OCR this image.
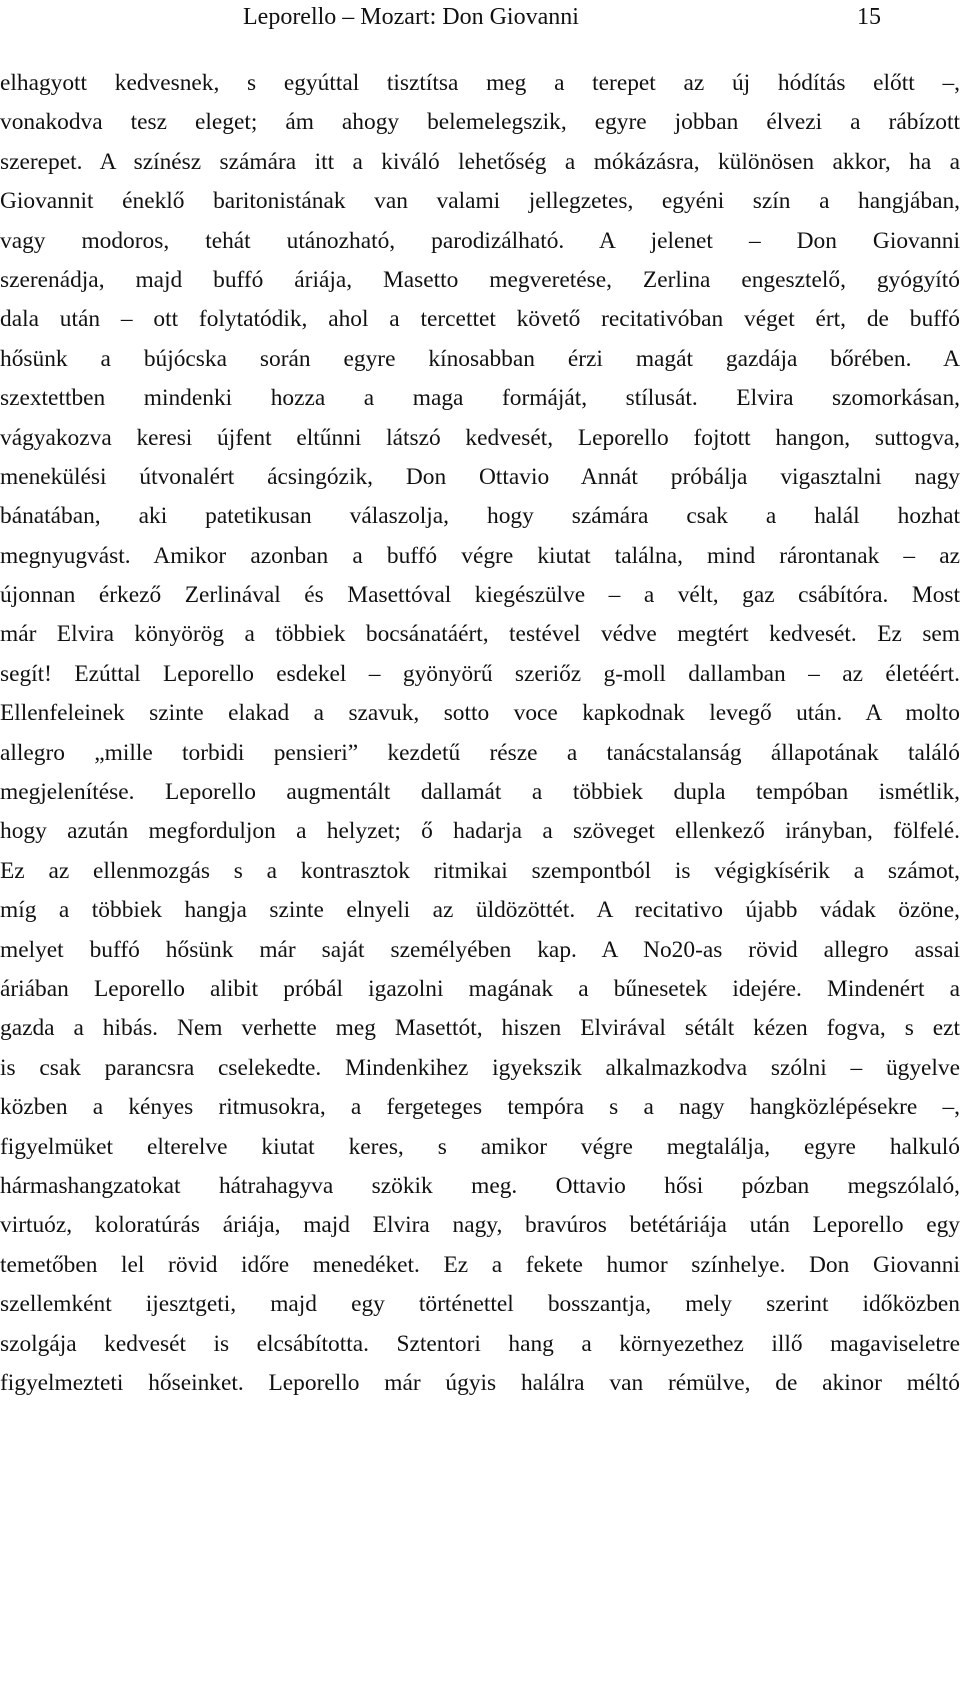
Leporello – Mozart: Don Giovanni	15
elhagyott kedvesnek, s egyúttal tisztítsa meg a terepet az új hódítás előtt –,
vonakodva tesz eleget; ám ahogy belemelegszik, egyre jobban élvezi a rábízott
szerepet. A színész számára itt a kiváló lehetőség a mókázásra, különösen akkor, ha a
Giovannit éneklő baritonistának van valami jellegzetes, egyéni szín a hangjában,
vagy modoros, tehát utánozható, parodizálható. A jelenet – Don Giovanni
szerenádja, majd buffó áriája, Masetto megveretése, Zerlina engesztelő, gyógyító
dala után – ott folytatódik, ahol a tercettet követő recitativóban véget ért, de buffó
hősünk a bújócska során egyre kínosabban érzi magát gazdája bőrében. A
szextettben mindenki hozza a maga formáját, stílusát. Elvira szomorkásan,
vágyakozva keresi újfent eltűnni látszó kedvesét, Leporello fojtott hangon, suttogva,
menekülési útvonalért ácsingózik, Don Ottavio Annát próbálja vigasztalni nagy
bánatában, aki patetikusan válaszolja, hogy számára csak a halál hozhat
megnyugvást. Amikor azonban a buffó végre kiutat találna, mind rárontanak – az
újonnan érkező Zerlinával és Masettóval kiegészülve – a vélt, gaz csábítóra. Most
már Elvira könyörög a többiek bocsánatáért, testével védve megtért kedvesét. Ez sem
segít! Ezúttal Leporello esdekel – gyönyörű szeriőz g-moll dallamban – az életéért.
Ellenfeleinek szinte elakad a szavuk, sotto voce kapkodnak levegő után. A molto
allegro „mille torbidi pensieri” kezdetű része a tanácstalanság állapotának találó
megjelenítése. Leporello augmentált dallamát a többiek dupla tempóban ismétlik,
hogy azután megforduljon a helyzet; ő hadarja a szöveget ellenkező irányban, fölfelé.
Ez az ellenmozgás s a kontrasztok ritmikai szempontból is végigkísérik a számot,
míg a többiek hangja szinte elnyeli az üldözöttét. A recitativo újabb vádak özöne,
melyet buffó hősünk már saját személyében kap. A No20-as rövid allegro assai
áriában Leporello alibit próbál igazolni magának a bűnesetek idejére. Mindenért a
gazda a hibás. Nem verhette meg Masettót, hiszen Elvirával sétált kézen fogva, s ezt
is csak parancsra cselekedte. Mindenkihez igyekszik alkalmazkodva szólni – ügyelve
közben a kényes ritmusokra, a fergeteges tempóra s a nagy hangközlépésekre –,
figyelmüket elterelve kiutat keres, s amikor végre megtalálja, egyre halkuló
hármashangzatokat hátrahagyva szökik meg. Ottavio hősi pózban megszólaló,
virtuóz, koloratúrás áriája, majd Elvira nagy, bravúros betétáriája után Leporello egy
temetőben lel rövid időre menedéket. Ez a fekete humor színhelye. Don Giovanni
szellemként ijesztgeti, majd egy történettel bosszantja, mely szerint időközben
szolgája kedvesét is elcsábította. Sztentori hang a környezethez illő magaviseletre
figyelmezteti hőseinket. Leporello már úgyis halálra van rémülve, de akinor méltó
